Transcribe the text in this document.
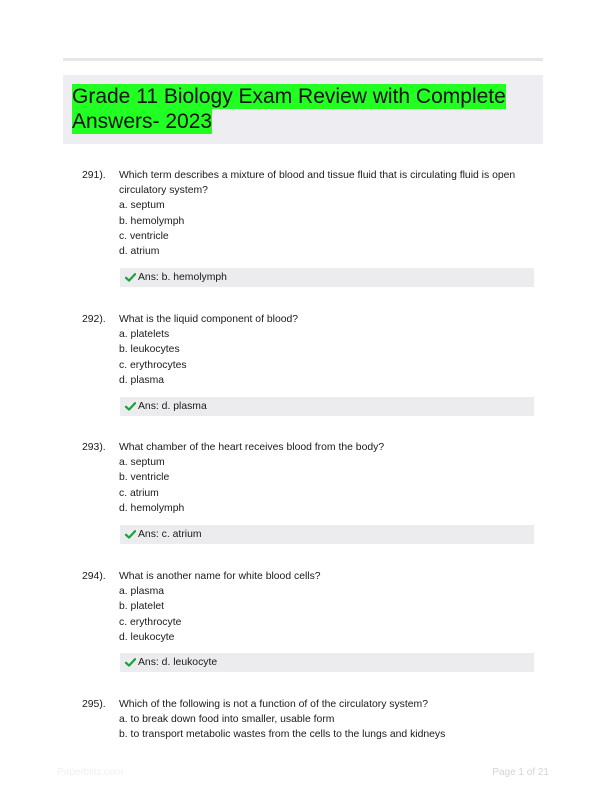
Grade 11 Biology Exam Review with Complete Answers- 2023
291). Which term describes a mixture of blood and tissue fluid that is circulating fluid is open circulatory system?
a. septum
b. hemolymph
c. ventricle
d. atrium
Ans: b. hemolymph
292). What is the liquid component of blood?
a. platelets
b. leukocytes
c. erythrocytes
d. plasma
Ans: d. plasma
293). What chamber of the heart receives blood from the body?
a. septum
b. ventricle
c. atrium
d. hemolymph
Ans: c. atrium
294). What is another name for white blood cells?
a. plasma
b. platelet
c. erythrocyte
d. leukocyte
Ans: d. leukocyte
295). Which of the following is not a function of of the circulatory system?
a. to break down food into smaller, usable form
b. to transport metabolic wastes from the cells to the lungs and kidneys
Paperblitz.com	Page 1 of 21
